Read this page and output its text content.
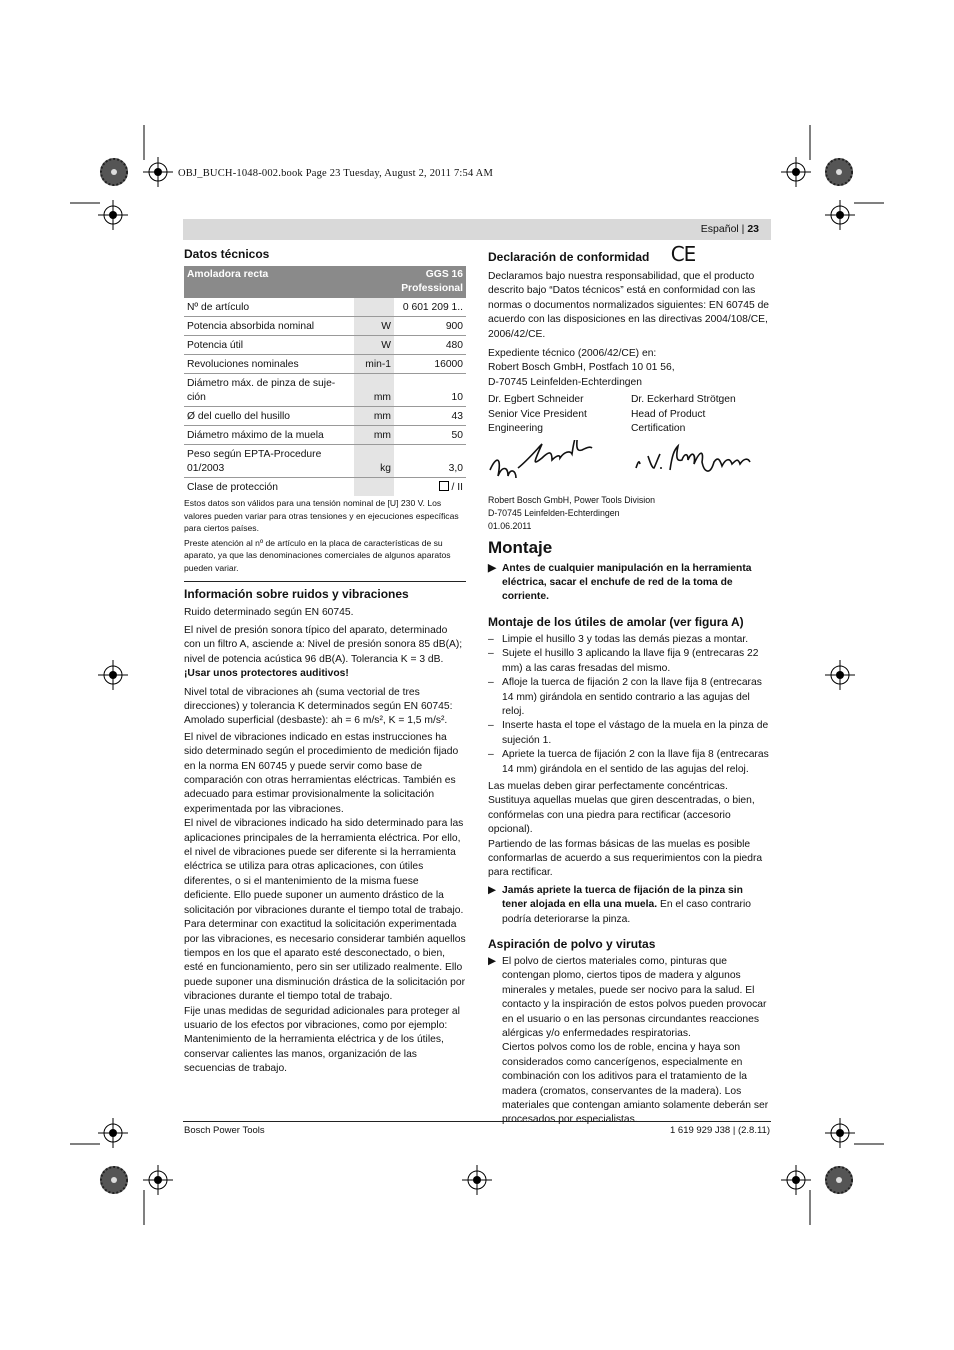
OBJ_BUCH-1048-002.book Page 23 Tuesday, August 2, 2011 7:54 AM
Español | 23
Datos técnicos
Amoladora recta		GGS 16
Professional
Nº de artículo		0 601 209 1..
Potencia absorbida nominal	W	900
Potencia útil	W	480
Revoluciones nominales	min-1	16000
Diámetro máx. de pinza de suje-ción	mm	10
Ø del cuello del husillo	mm	43
Diámetro máximo de la muela	mm	50
Peso según EPTA-Procedure 01/2003	kg	3,0
Clase de protección		/ II

Estos datos son válidos para una tensión nominal de [U] 230 V. Los valores pueden variar para otras tensiones y en ejecuciones específicas para ciertos países.

Preste atención al nº de artículo en la placa de características de su aparato, ya que las denominaciones comerciales de algunos aparatos pueden variar.

Información sobre ruidos y vibraciones

Ruido determinado según EN 60745.

El nivel de presión sonora típico del aparato, determinado con un filtro A, asciende a: Nivel de presión sonora 85 dB(A); nivel de potencia acústica 96 dB(A). Tolerancia K = 3 dB.

¡Usar unos protectores auditivos!

Nivel total de vibraciones ah (suma vectorial de tres direcciones) y tolerancia K determinados según EN 60745:

Amolado superficial (desbaste): ah = 6 m/s², K = 1,5 m/s².

El nivel de vibraciones indicado en estas instrucciones ha sido determinado según el procedimiento de medición fijado en la norma EN 60745 y puede servir como base de comparación con otras herramientas eléctricas. También es adecuado para estimar provisionalmente la solicitación experimentada por las vibraciones.

El nivel de vibraciones indicado ha sido determinado para las aplicaciones principales de la herramienta eléctrica. Por ello, el nivel de vibraciones puede ser diferente si la herramienta eléctrica se utiliza para otras aplicaciones, con útiles diferentes, o si el mantenimiento de la misma fuese deficiente. Ello puede suponer un aumento drástico de la solicitación por vibraciones durante el tiempo total de trabajo.

Para determinar con exactitud la solicitación experimentada por las vibraciones, es necesario considerar también aquellos tiempos en los que el aparato esté desconectado, o bien, esté en funcionamiento, pero sin ser utilizado realmente. Ello puede suponer una disminución drástica de la solicitación por vibraciones durante el tiempo total de trabajo.

Fije unas medidas de seguridad adicionales para proteger al usuario de los efectos por vibraciones, como por ejemplo: Mantenimiento de la herramienta eléctrica y de los útiles, conservar calientes las manos, organización de las secuencias de trabajo.

Declaración de conformidad CE

Declaramos bajo nuestra responsabilidad, que el producto descrito bajo “Datos técnicos” está en conformidad con las normas o documentos normalizados siguientes: EN 60745 de acuerdo con las disposiciones en las directivas 2004/108/CE, 2006/42/CE.

Expediente técnico (2006/42/CE) en:

Robert Bosch GmbH, Postfach 10 01 56,

D-70745 Leinfelden-Echterdingen

Dr. Egbert Schneider

Senior Vice President

Engineering

Dr. Eckerhard Strötgen

Head of Product

Certification

Robert Bosch GmbH, Power Tools Division

D-70745 Leinfelden-Echterdingen

01.06.2011

Montaje
▶ Antes de cualquier manipulación en la herramienta eléctrica, sacar el enchufe de red de la toma de corriente.
Montaje de los útiles de amolar (ver figura A)
– Limpie el husillo 3 y todas las demás piezas a montar.
– Sujete el husillo 3 aplicando la llave fija 9 (entrecaras 22 mm) a las caras fresadas del mismo.
– Afloje la tuerca de fijación 2 con la llave fija 8 (entrecaras 14 mm) girándola en sentido contrario a las agujas del reloj.
– Inserte hasta el tope el vástago de la muela en la pinza de sujeción 1.
– Apriete la tuerca de fijación 2 con la llave fija 8 (entrecaras 14 mm) girándola en el sentido de las agujas del reloj.

Las muelas deben girar perfectamente concéntricas. Sustituya aquellas muelas que giren descentradas, o bien, confórmelas con una piedra para rectificar (accesorio opcional).

Partiendo de las formas básicas de las muelas es posible conformarlas de acuerdo a sus requerimientos con la piedra para rectificar.

▶ Jamás apriete la tuerca de fijación de la pinza sin tener alojada en ella una muela. En el caso contrario podría deteriorarse la pinza.
Aspiración de polvo y virutas
▶ El polvo de ciertos materiales como, pinturas que contengan plomo, ciertos tipos de madera y algunos minerales y metales, puede ser nocivo para la salud. El contacto y la inspiración de estos polvos pueden provocar en el usuario o en las personas circundantes reacciones alérgicas y/o enfermedades respiratorias.

Ciertos polvos como los de roble, encina y haya son considerados como cancerígenos, especialmente en combinación con los aditivos para el tratamiento de la madera (cromatos, conservantes de la madera). Los materiales que contengan amianto solamente deberán ser procesados por especialistas.

Bosch Power Tools	1 619 929 J38 | (2.8.11)
